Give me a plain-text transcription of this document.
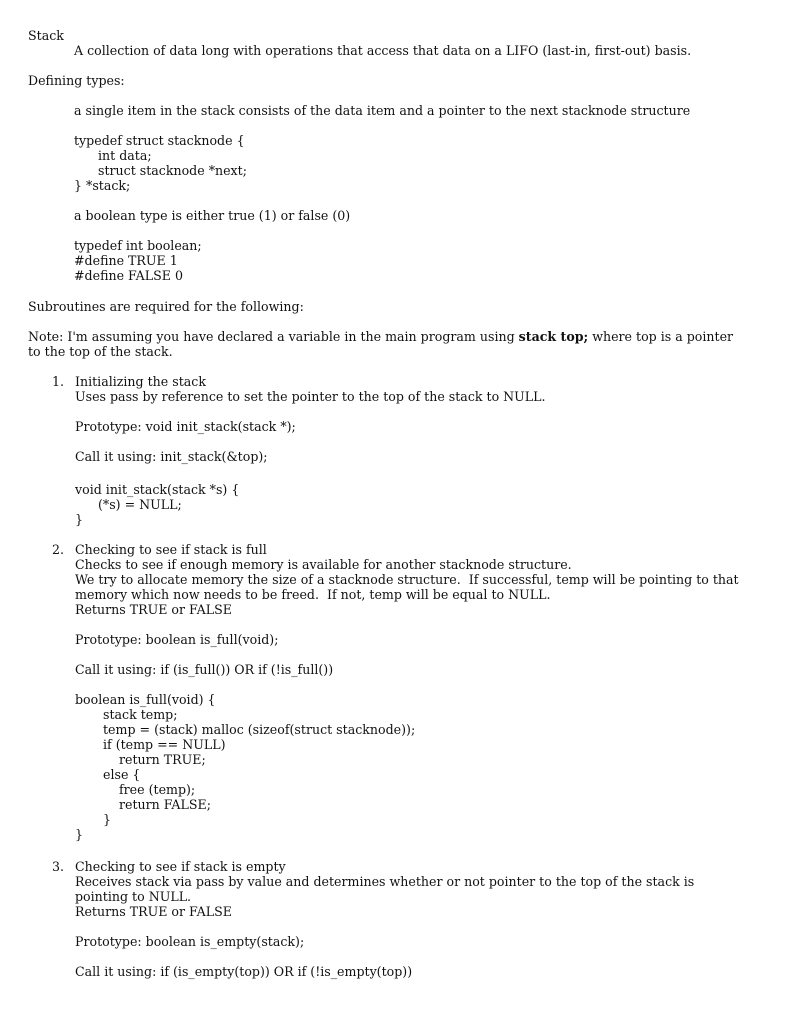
Stack
A collection of data long with operations that access that data on a LIFO (last-in, first-out) basis.
Defining types:
a single item in the stack consists of the data item and a pointer to the next stacknode structure
typedef struct stacknode {
int data;
struct stacknode *next;
} *stack;
a boolean type is either true (1) or false (0)
typedef int boolean;
#define TRUE 1
#define FALSE 0
Subroutines are required for the following:
Note: I'm assuming you have declared a variable in the main program using stack top; where top is a pointer
to the top of the stack.
1. Initializing the stack
Uses pass by reference to set the pointer to the top of the stack to NULL.
Prototype: void init_stack(stack *);
Call it using: init_stack(&top);
void init_stack(stack *s) {
(*s) = NULL;
}
2. Checking to see if stack is full
Checks to see if enough memory is available for another stacknode structure.
We try to allocate memory the size of a stacknode structure.  If successful, temp will be pointing to that
memory which now needs to be freed.  If not, temp will be equal to NULL.
Returns TRUE or FALSE
Prototype: boolean is_full(void);
Call it using: if (is_full()) OR if (!is_full())
boolean is_full(void) {
stack temp;
temp = (stack) malloc (sizeof(struct stacknode));
if (temp == NULL)
return TRUE;
else {
free (temp);
return FALSE;
}
}
3. Checking to see if stack is empty
Receives stack via pass by value and determines whether or not pointer to the top of the stack is
pointing to NULL.
Returns TRUE or FALSE
Prototype: boolean is_empty(stack);
Call it using: if (is_empty(top)) OR if (!is_empty(top))
